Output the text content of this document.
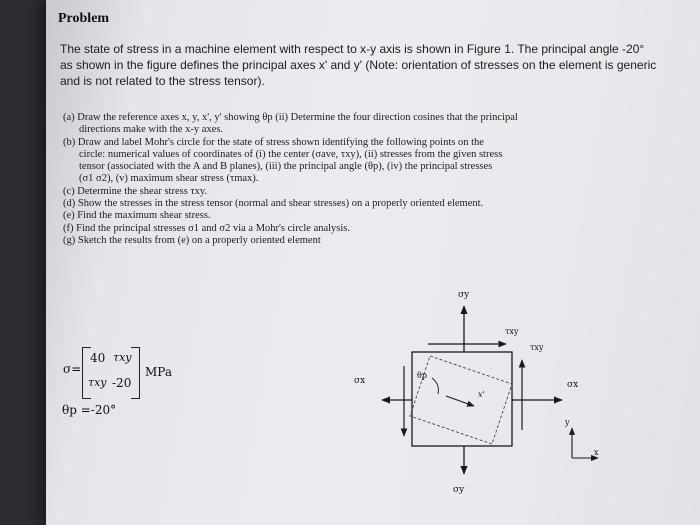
Problem

The state of stress in a machine element with respect to x-y axis is shown in Figure 1. The principal angle -20° as shown in the figure defines the principal axes x' and y' (Note: orientation of stresses on the element is generic and is not related to the stress tensor).

(a) Draw the reference axes x, y, x', y' showing θp (ii) Determine the four direction cosines that the principal
directions make with the x-y axes.
(b) Draw and label Mohr's circle for the state of stress shown identifying the following points on the
circle: numerical values of coordinates of (i) the center (σave, τxy), (ii) stresses from the given stress
tensor (associated with the A and B planes), (iii) the principal angle (θp), (iv) the principal stresses
(σ1 σ2), (v) maximum shear stress (τmax).
(c) Determine the shear stress τxy.
(d) Show the stresses in the stress tensor (normal and shear stresses) on a properly oriented element.
(e) Find the maximum shear stress.
(f) Find the principal stresses σ1 and σ2 via a Mohr's circle analysis.
(g) Sketch the results from (e) on a properly oriented element
σ=
40 τxy
τxy -20
MPa
θp =-20°
σy
σy
σx	σx
τxy
τxy
θp
x'
x
y
